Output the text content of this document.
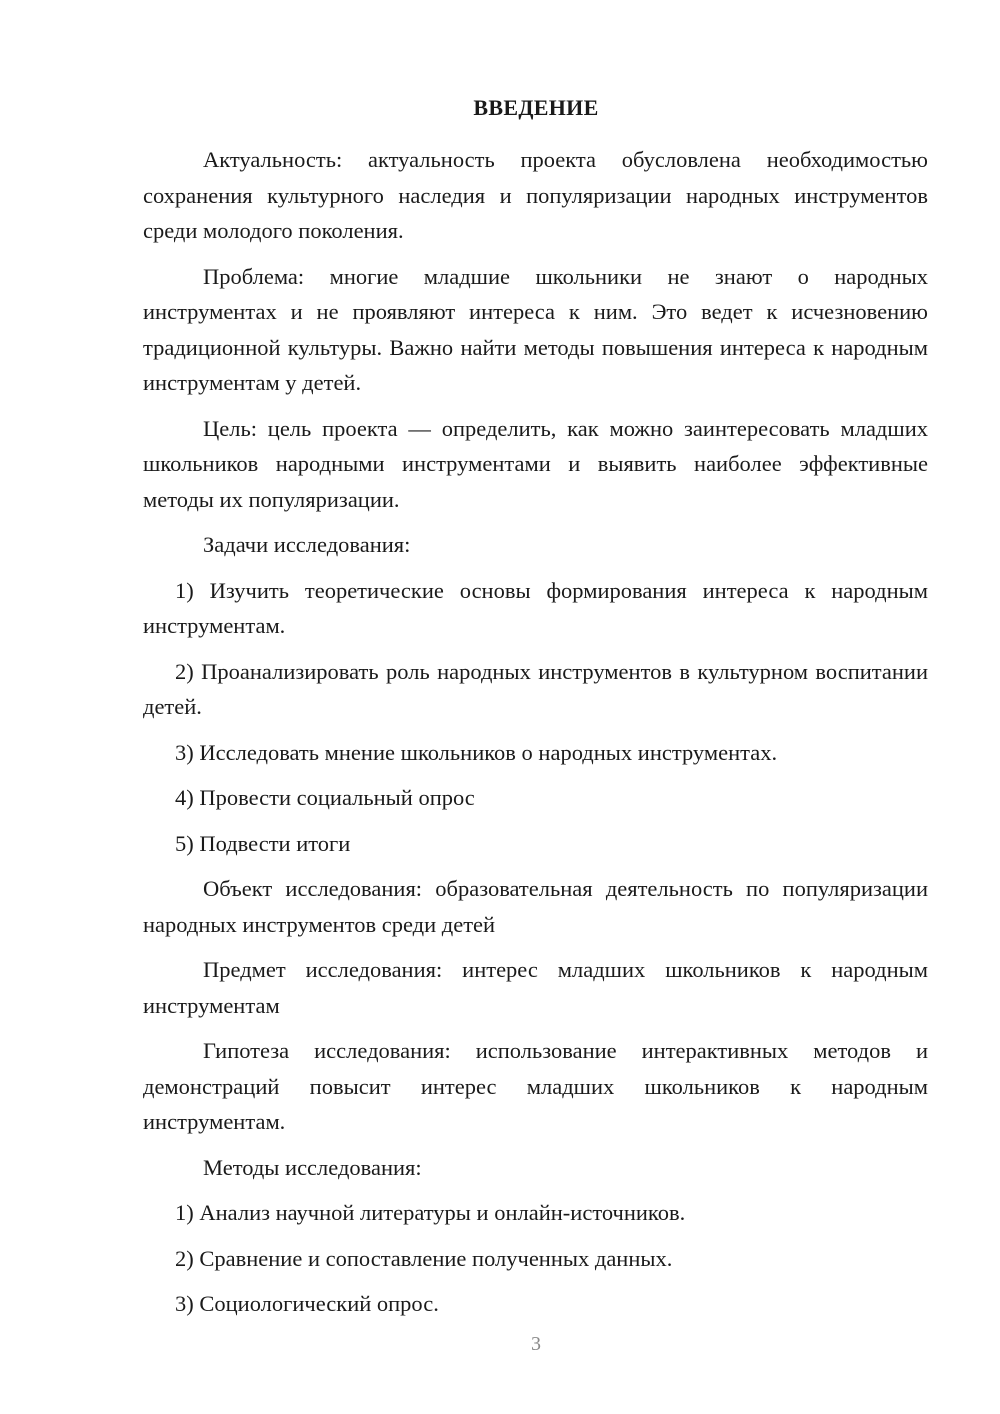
ВВЕДЕНИЕ

Актуальность: актуальность проекта обусловлена необходимостью сохранения культурного наследия и популяризации народных инструментов среди молодого поколения.

Проблема: многие младшие школьники не знают о народных инструментах и не проявляют интереса к ним. Это ведет к исчезновению традиционной культуры. Важно найти методы повышения интереса к народным инструментам у детей.

Цель: цель проекта — определить, как можно заинтересовать младших школьников народными инструментами и выявить наиболее эффективные методы их популяризации.

Задачи исследования:

1) Изучить теоретические основы формирования интереса к народным инструментам.

2) Проанализировать роль народных инструментов в культурном воспитании детей.

3) Исследовать мнение школьников о народных инструментах.

4) Провести социальный опрос

5) Подвести итоги

Объект исследования: образовательная деятельность по популяризации народных инструментов среди детей

Предмет исследования: интерес младших школьников к народным инструментам

Гипотеза исследования: использование интерактивных методов и демонстраций повысит интерес младших школьников к народным инструментам.

Методы исследования:

1) Анализ научной литературы и онлайн-источников.

2) Сравнение и сопоставление полученных данных.

3) Социологический опрос.

3
